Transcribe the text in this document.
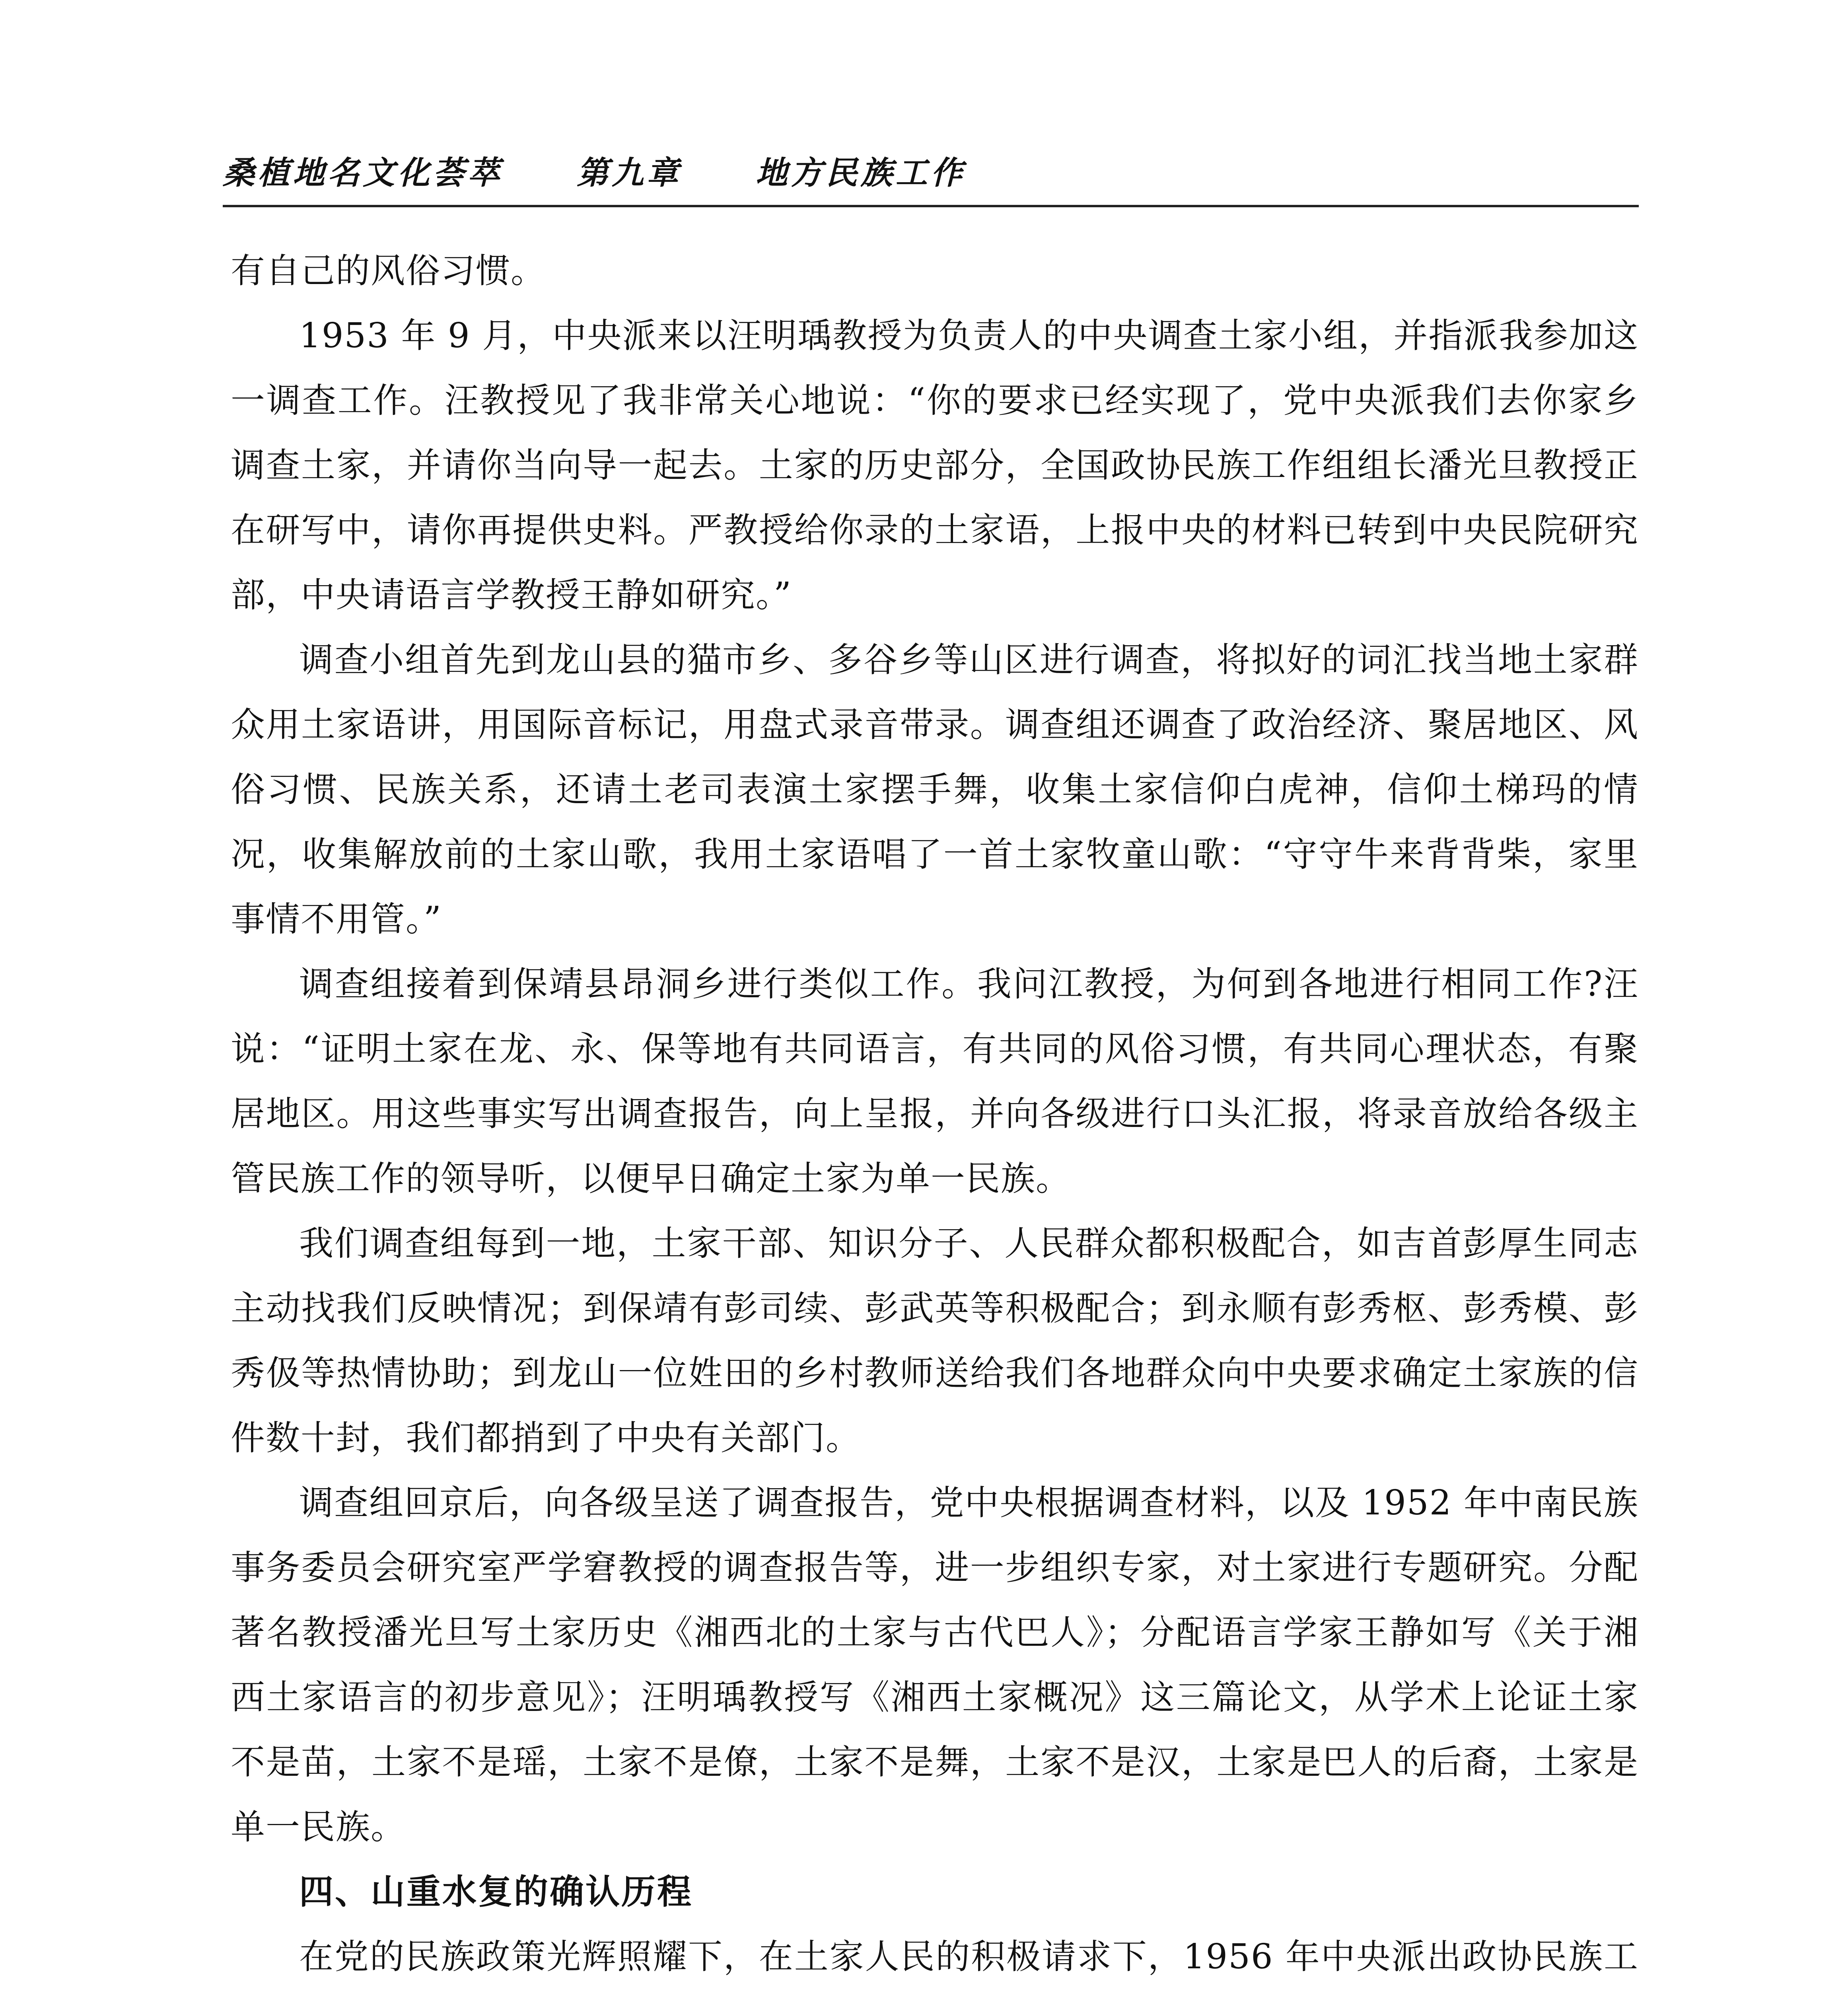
桑植地名文化荟萃 第九章 地方民族工作

有自己的风俗习惯。

1953 年 9 月，中央派来以汪明瑀教授为负责人的中央调查土家小组，并指派我参加这一调查工作。汪教授见了我非常关心地说：“你的要求已经实现了，党中央派我们去你家乡调查土家，并请你当向导一起去。土家的历史部分，全国政协民族工作组组长潘光旦教授正在研写中，请你再提供史料。严教授给你录的土家语，上报中央的材料已转到中央民院研究部，中央请语言学教授王静如研究。”

调查小组首先到龙山县的猫市乡、多谷乡等山区进行调查，将拟好的词汇找当地土家群众用土家语讲，用国际音标记，用盘式录音带录。调查组还调查了政治经济、聚居地区、风俗习惯、民族关系，还请土老司表演土家摆手舞，收集土家信仰白虎神，信仰土梯玛的情况，收集解放前的土家山歌，我用土家语唱了一首土家牧童山歌：“守守牛来背背柴，家里事情不用管。”

调查组接着到保靖县昂洞乡进行类似工作。我问江教授，为何到各地进行相同工作?汪说：“证明土家在龙、永、保等地有共同语言，有共同的风俗习惯，有共同心理状态，有聚居地区。用这些事实写出调查报告，向上呈报，并向各级进行口头汇报，将录音放给各级主管民族工作的领导听，以便早日确定土家为单一民族。

我们调查组每到一地，土家干部、知识分子、人民群众都积极配合，如吉首彭厚生同志主动找我们反映情况；到保靖有彭司续、彭武英等积极配合；到永顺有彭秀枢、彭秀模、彭秀伋等热情协助；到龙山一位姓田的乡村教师送给我们各地群众向中央要求确定土家族的信件数十封，我们都捎到了中央有关部门。

调查组回京后，向各级呈送了调查报告，党中央根据调查材料，以及 1952 年中南民族事务委员会研究室严学窘教授的调查报告等，进一步组织专家，对土家进行专题研究。分配著名教授潘光旦写土家历史《湘西北的土家与古代巴人》；分配语言学家王静如写《关于湘西土家语言的初步意见》；汪明瑀教授写《湘西土家概况》这三篇论文，从学术上论证土家不是苗，土家不是瑶，土家不是僚，土家不是舞，土家不是汉，土家是巴人的后裔，土家是单一民族。

四、山重水复的确认历程

在党的民族政策光辉照耀下，在土家人民的积极请求下，1956 年中央派出政协民族工
